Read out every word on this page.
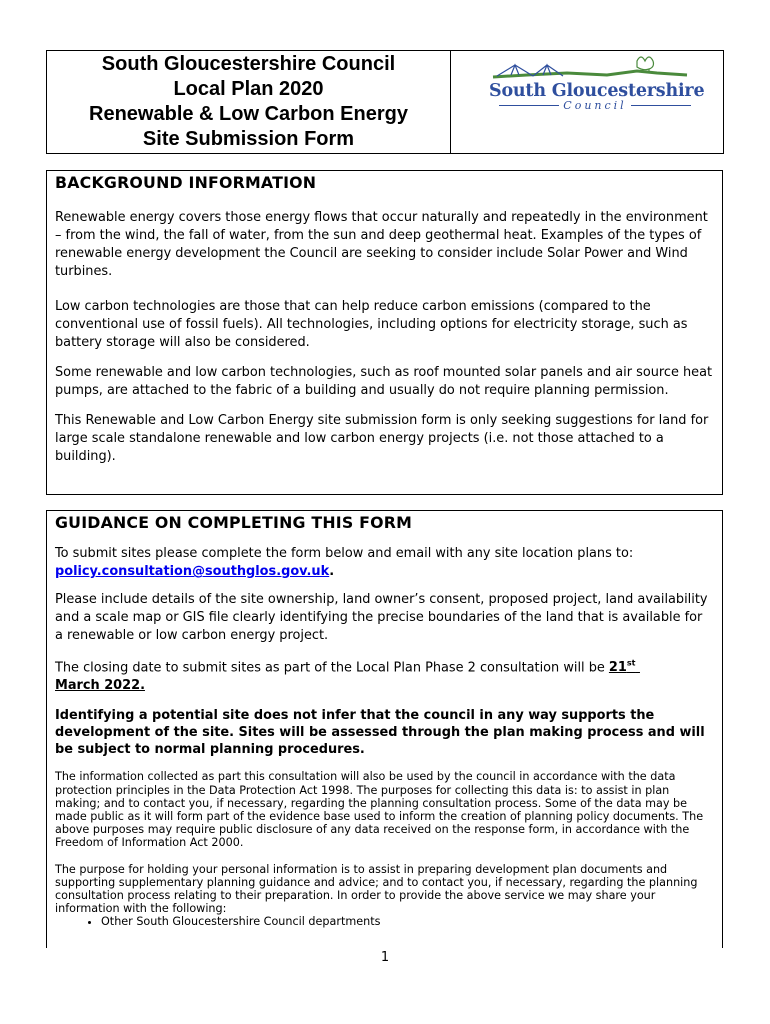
South Gloucestershire Council
Local Plan 2020
Renewable & Low Carbon Energy
Site Submission Form
South Gloucestershire
Council
BACKGROUND INFORMATION

Renewable energy covers those energy flows that occur naturally and repeatedly in the environment – from the wind, the fall of water, from the sun and deep geothermal heat. Examples of the types of renewable energy development the Council are seeking to consider include Solar Power and Wind turbines.

Low carbon technologies are those that can help reduce carbon emissions (compared to the conventional use of fossil fuels). All technologies, including options for electricity storage, such as battery storage will also be considered.

Some renewable and low carbon technologies, such as roof mounted solar panels and air source heat pumps, are attached to the fabric of a building and usually do not require planning permission.

This Renewable and Low Carbon Energy site submission form is only seeking suggestions for land for large scale standalone renewable and low carbon energy projects (i.e. not those attached to a building).

GUIDANCE ON COMPLETING THIS FORM

To submit sites please complete the form below and email with any site location plans to: policy.consultation@southglos.gov.uk.

Please include details of the site ownership, land owner’s consent, proposed project, land availability and a scale map or GIS file clearly identifying the precise boundaries of the land that is available for a renewable or low carbon energy project.

The closing date to submit sites as part of the Local Plan Phase 2 consultation will be 21st
March 2022.

Identifying a potential site does not infer that the council in any way supports the development of the site. Sites will be assessed through the plan making process and will be subject to normal planning procedures.

The information collected as part this consultation will also be used by the council in accordance with the data protection principles in the Data Protection Act 1998. The purposes for collecting this data is: to assist in plan making; and to contact you, if necessary, regarding the planning consultation process. Some of the data may be made public as it will form part of the evidence base used to inform the creation of planning policy documents. The above purposes may require public disclosure of any data received on the response form, in accordance with the Freedom of Information Act 2000.

The purpose for holding your personal information is to assist in preparing development plan documents and supporting supplementary planning guidance and advice; and to contact you, if necessary, regarding the planning consultation process relating to their preparation. In order to provide the above service we may share your information with the following:

• Other South Gloucestershire Council departments
1
